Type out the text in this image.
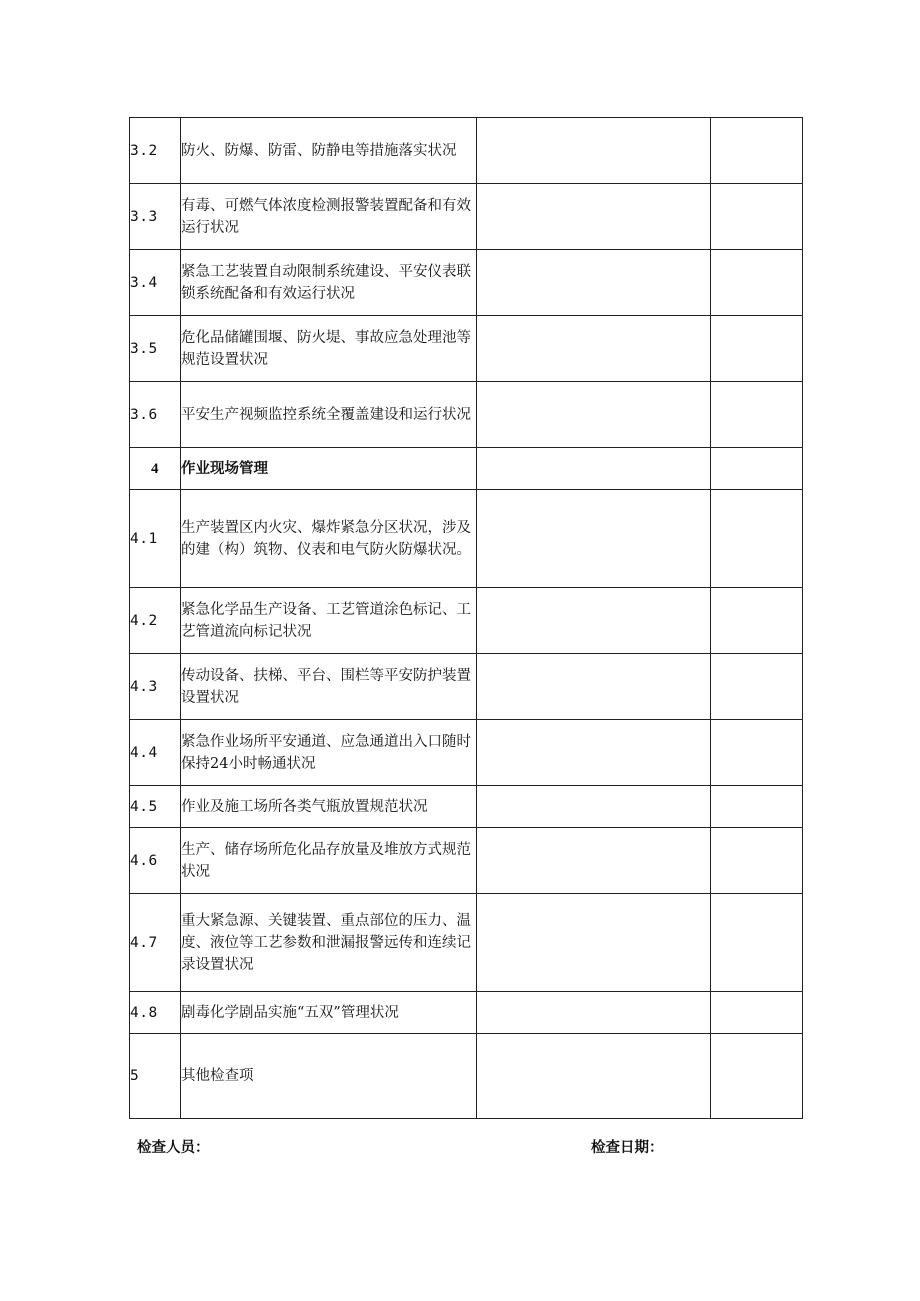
3.2	防火、防爆、防雷、防静电等措施落实状况		

3.3	有毒、可燃气体浓度检测报警装置配备和有效运行状况		

3.4	紧急工艺装置自动限制系统建设、平安仪表联锁系统配备和有效运行状况		

3.5	危化品储罐围堰、防火堤、事故应急处理池等规范设置状况		

3.6	平安生产视频监控系统全覆盖建设和运行状况		

4	作业现场管理		

4.1	生产装置区内火灾、爆炸紧急分区状况，涉及的建（构）筑物、仪表和电气防火防爆状况。		

4.2	紧急化学品生产设备、工艺管道涂色标记、工艺管道流向标记状况		

4.3	传动设备、扶梯、平台、围栏等平安防护装置设置状况		

4.4	紧急作业场所平安通道、应急通道出入口随时保持24小时畅通状况		

4.5	作业及施工场所各类气瓶放置规范状况		

4.6	生产、储存场所危化品存放量及堆放方式规范状况		

4.7	重大紧急源、关键装置、重点部位的压力、温度、液位等工艺参数和泄漏报警远传和连续记录设置状况		

4.8	剧毒化学剧品实施“五双”管理状况		

5	其他检查项		

检查人员：	检查日期：
